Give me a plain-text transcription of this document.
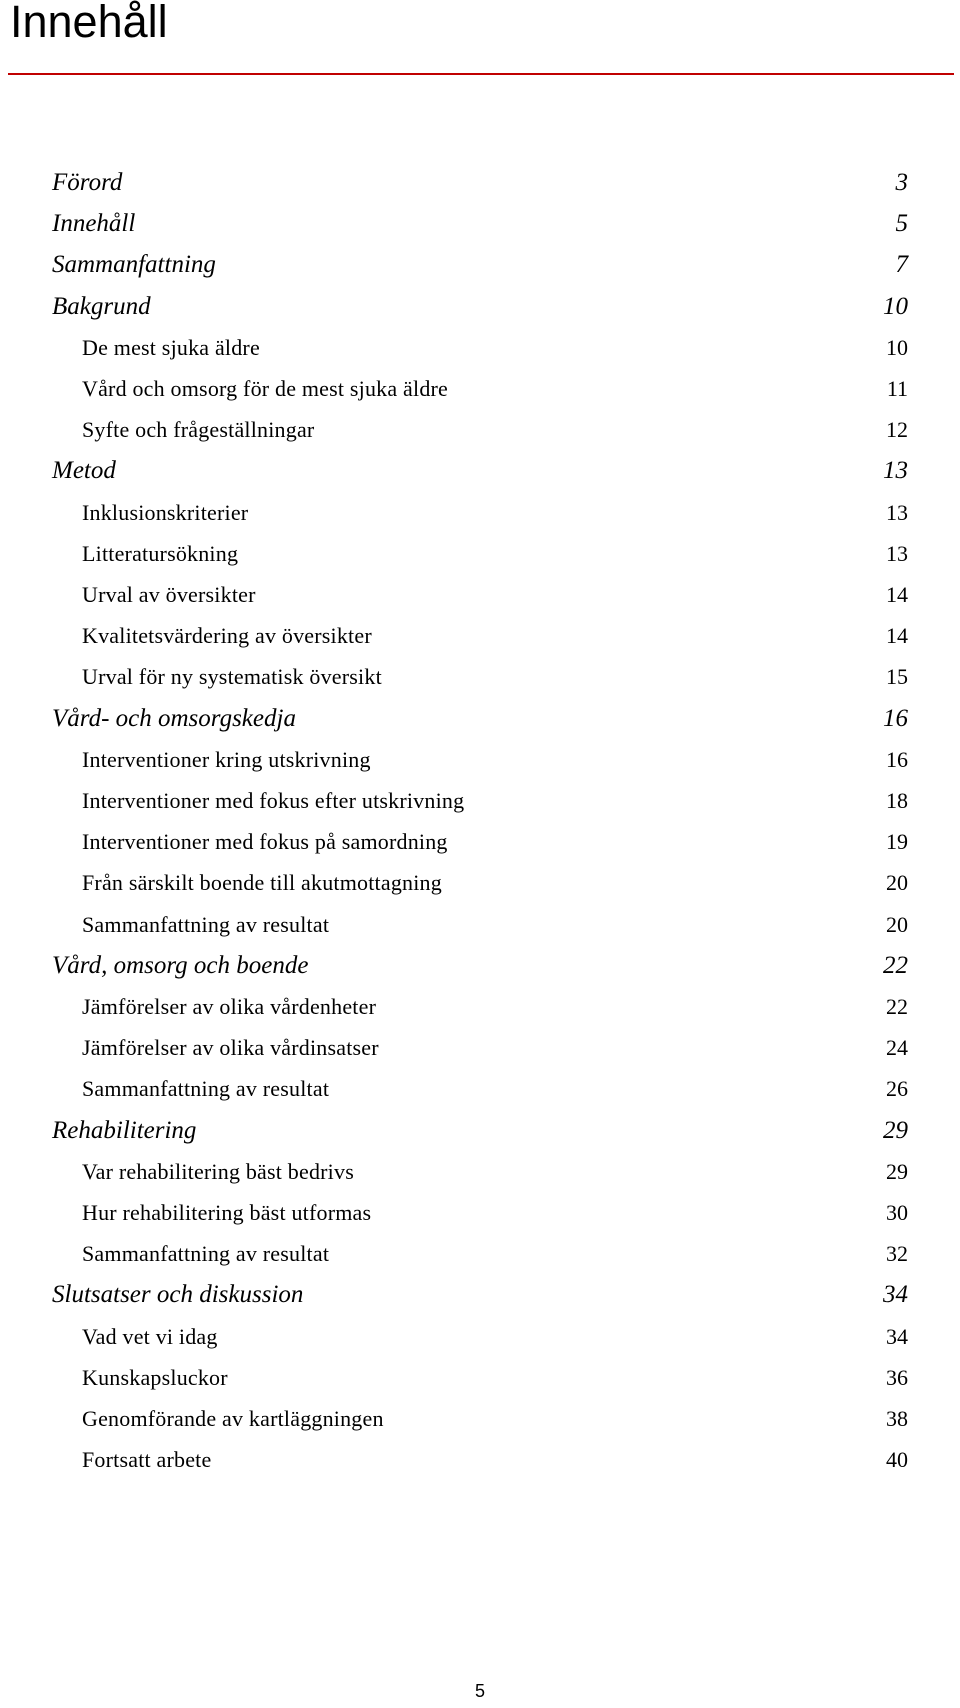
Innehåll
Förord	3
Innehåll	5
Sammanfattning	7
Bakgrund	10
De mest sjuka äldre	10
Vård och omsorg för de mest sjuka äldre	11
Syfte och frågeställningar	12
Metod	13
Inklusionskriterier	13
Litteratursökning	13
Urval av översikter	14
Kvalitetsvärdering av översikter	14
Urval för ny systematisk översikt	15
Vård- och omsorgskedja	16
Interventioner kring utskrivning	16
Interventioner med fokus efter utskrivning	18
Interventioner med fokus på samordning	19
Från särskilt boende till akutmottagning	20
Sammanfattning av resultat	20
Vård, omsorg och boende	22
Jämförelser av olika vårdenheter	22
Jämförelser av olika vårdinsatser	24
Sammanfattning av resultat	26
Rehabilitering	29
Var rehabilitering bäst bedrivs	29
Hur rehabilitering bäst utformas	30
Sammanfattning av resultat	32
Slutsatser och diskussion	34
Vad vet vi idag	34
Kunskapsluckor	36
Genomförande av kartläggningen	38
Fortsatt arbete	40
5
